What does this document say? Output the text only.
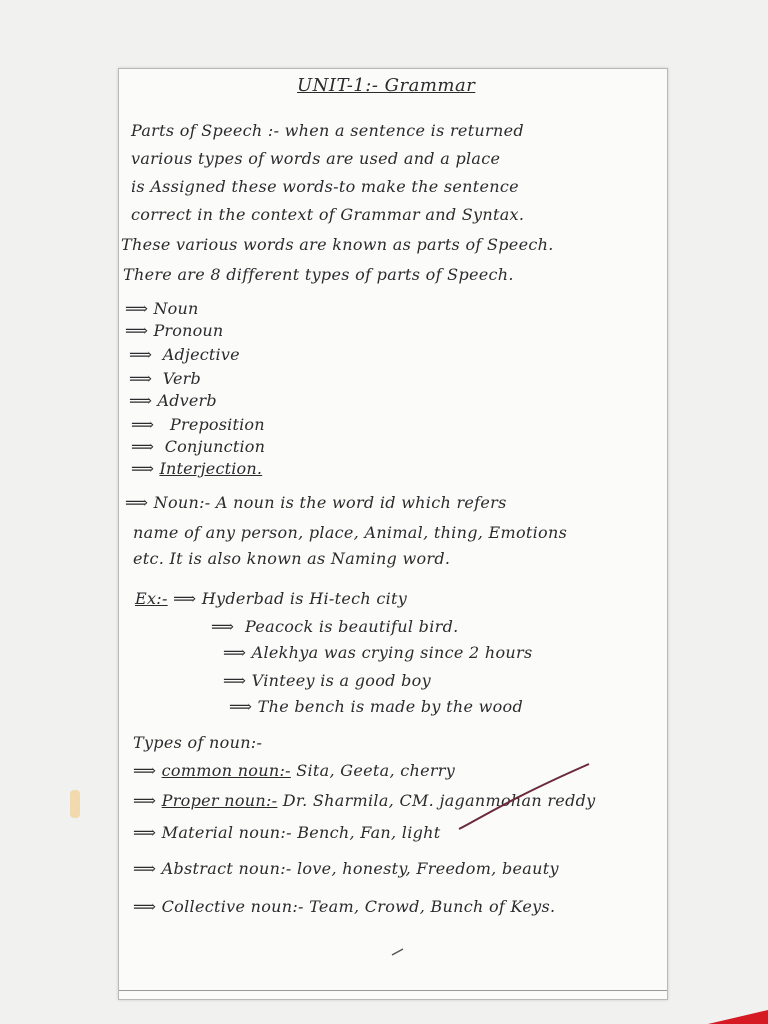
UNIT-1:- Grammar
Parts of Speech :- when a sentence is returned
various types of words are used and a place
is Assigned these words-to make the sentence
correct in the context of Grammar and Syntax.
These various words are known as parts of Speech.
There are 8 different types of parts of Speech.
⟹ Noun
⟹ Pronoun
⟹ Adjective
⟹ Verb
⟹ Adverb
⟹ Preposition
⟹ Conjunction
⟹ Interjection.
⟹ Noun:- A noun is the word id which refers
name of any person, place, Animal, thing, Emotions
etc. It is also known as Naming word.
Ex:- ⟹ Hyderbad is Hi-tech city
⟹ Peacock is beautiful bird.
⟹ Alekhya was crying since 2 hours
⟹ Vinteey is a good boy
⟹ The bench is made by the wood
Types of noun:-
⟹ common noun:- Sita, Geeta, cherry
⟹ Proper noun:- Dr. Sharmila, CM. jaganmohan reddy
⟹ Material noun:- Bench, Fan, light
⟹ Abstract noun:- love, honesty, Freedom, beauty
⟹ Collective noun:- Team, Crowd, Bunch of Keys.
